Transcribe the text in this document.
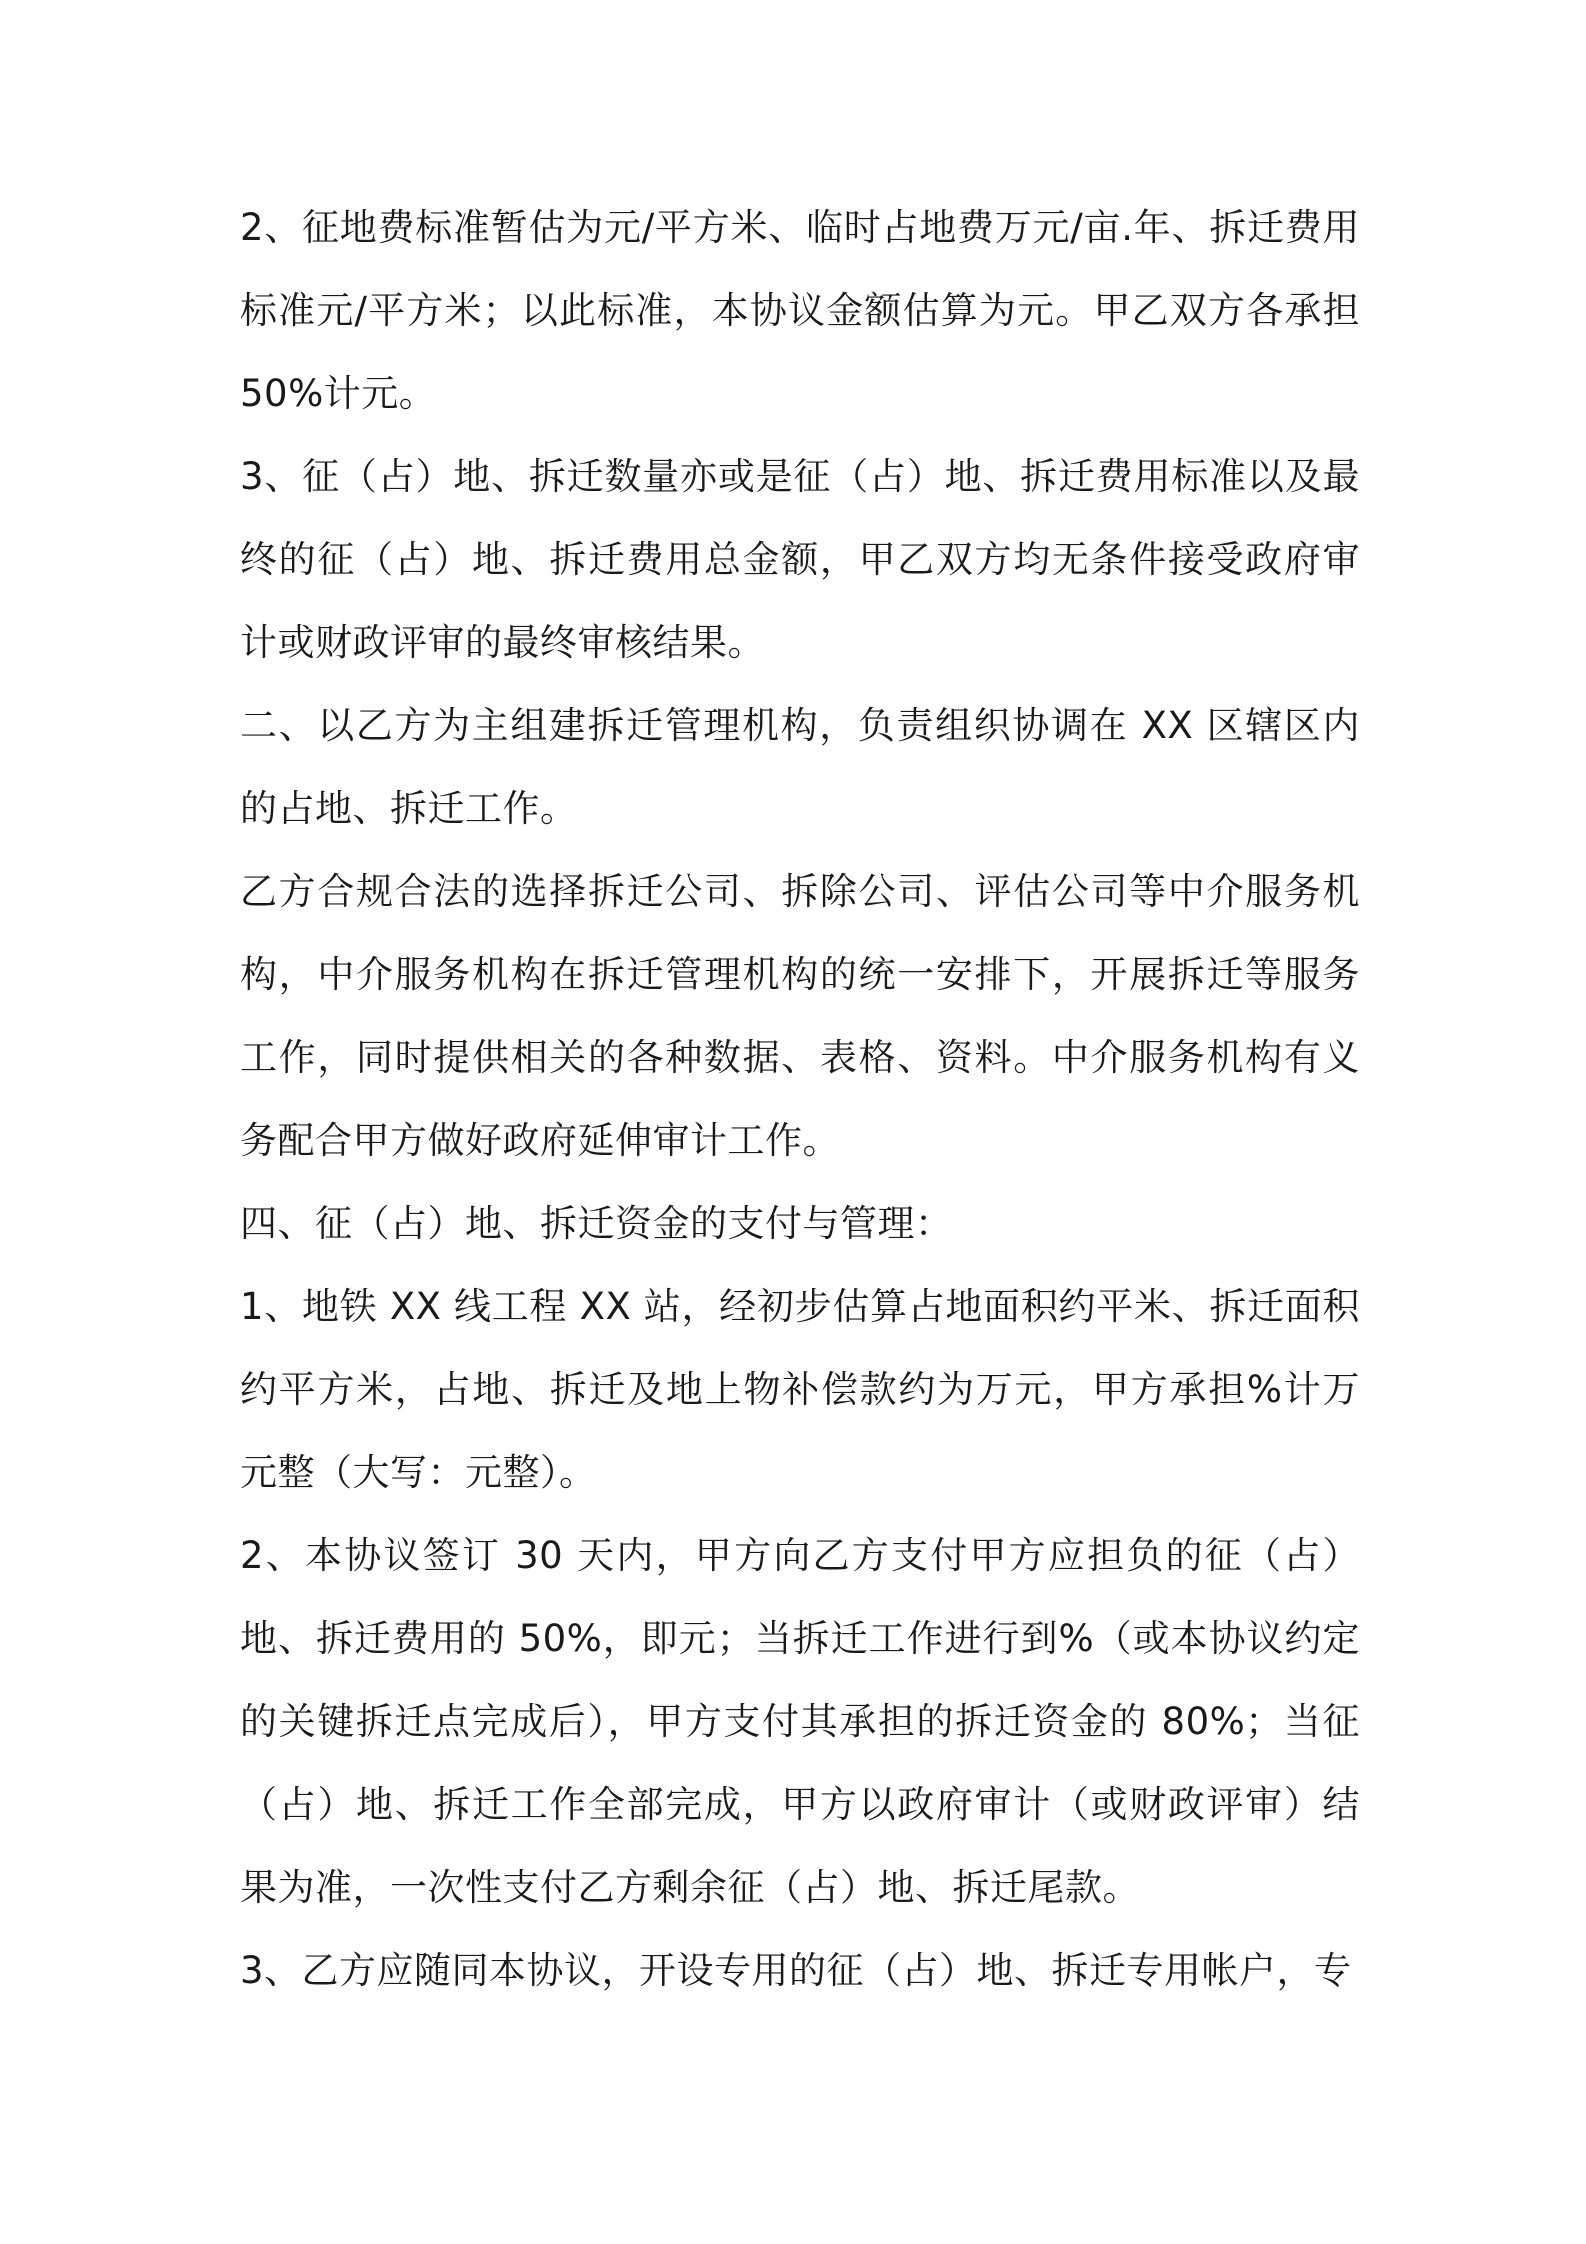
2、征地费标准暂估为元/平方米、临时占地费万元/亩.年、拆迁费用标准元/平方米；以此标准，本协议金额估算为元。甲乙双方各承担50%计元。

3、征（占）地、拆迁数量亦或是征（占）地、拆迁费用标准以及最终的征（占）地、拆迁费用总金额，甲乙双方均无条件接受政府审计或财政评审的最终审核结果。

二、以乙方为主组建拆迁管理机构，负责组织协调在 XX 区辖区内的占地、拆迁工作。

乙方合规合法的选择拆迁公司、拆除公司、评估公司等中介服务机构，中介服务机构在拆迁管理机构的统一安排下，开展拆迁等服务工作，同时提供相关的各种数据、表格、资料。中介服务机构有义务配合甲方做好政府延伸审计工作。

四、征（占）地、拆迁资金的支付与管理：

1、地铁 XX 线工程 XX 站，经初步估算占地面积约平米、拆迁面积约平方米，占地、拆迁及地上物补偿款约为万元，甲方承担%计万元整（大写：元整）。

2、本协议签订 30 天内，甲方向乙方支付甲方应担负的征（占）地、拆迁费用的 50%，即元；当拆迁工作进行到%（或本协议约定的关键拆迁点完成后），甲方支付其承担的拆迁资金的 80%；当征（占）地、拆迁工作全部完成，甲方以政府审计（或财政评审）结果为准，一次性支付乙方剩余征（占）地、拆迁尾款。

3、乙方应随同本协议，开设专用的征（占）地、拆迁专用帐户，专
